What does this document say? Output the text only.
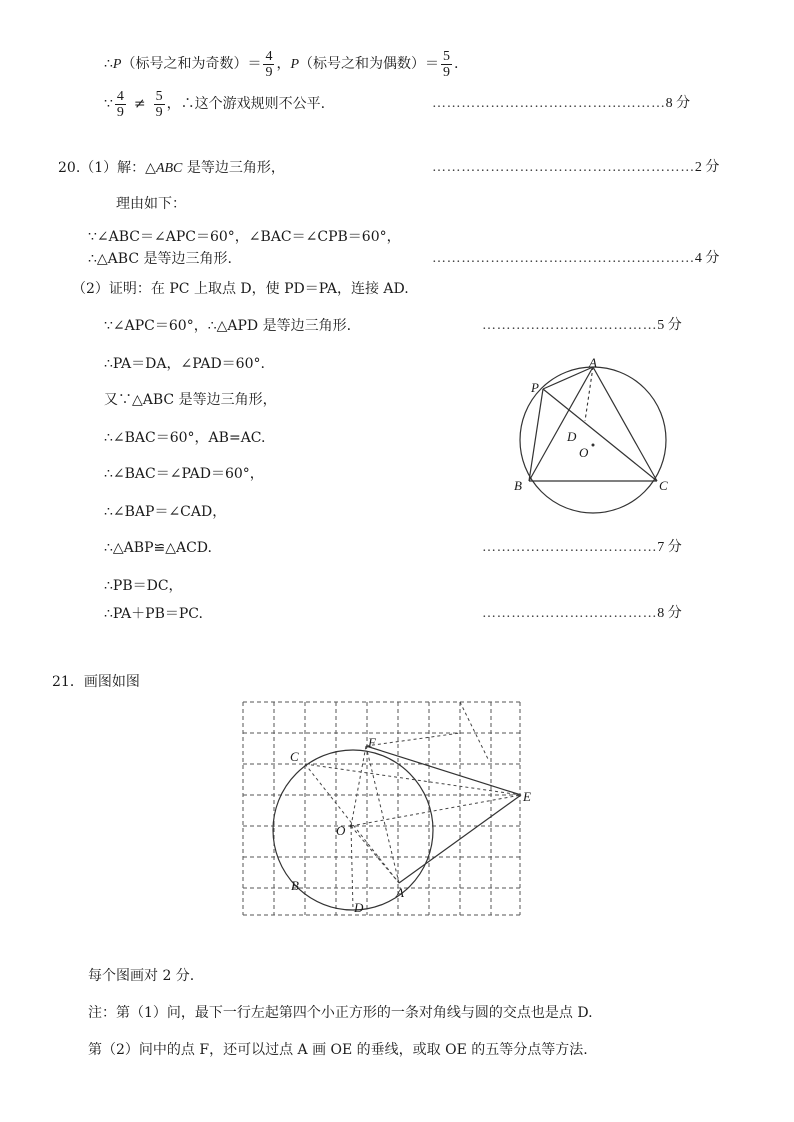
∴P（标号之和为奇数）＝ $\frac{4}{9}$ ，P（标号之和为偶数）＝ $\frac{5}{9}$ .
∵ $\frac{4}{9} \ne \frac{5}{9}$ ，∴这个游戏规则不公平.	…………………………………………8 分
20.（1）解：△ABC 是等边三角形，	………………………………………………2 分
理由如下：
∵∠ABC＝∠APC＝60°，∠BAC＝∠CPB＝60°，
∴△ABC 是等边三角形.	………………………………………………4 分
（2）证明：在 PC 上取点 D，使 PD＝PA，连接 AD.
∵∠APC＝60°，∴△APD 是等边三角形.	………………………………5 分
∴PA＝DA，∠PAD＝60°.
又∵△ABC 是等边三角形，
∴∠BAC＝60°，AB=AC.
∴∠BAC＝∠PAD＝60°，
∴∠BAP＝∠CAD，
∴△ABP≌△ACD.	………………………………7 分
∴PB＝DC，
∴PA＋PB＝PC.	………………………………8 分
A
P
D
O
B	C
21．画图如图
C
F
E
O
B	A
D
每个图画对 2 分.
注：第（1）问，最下一行左起第四个小正方形的一条对角线与圆的交点也是点 D.
第（2）问中的点 F，还可以过点 A 画 OE 的垂线，或取 OE 的五等分点等方法.
